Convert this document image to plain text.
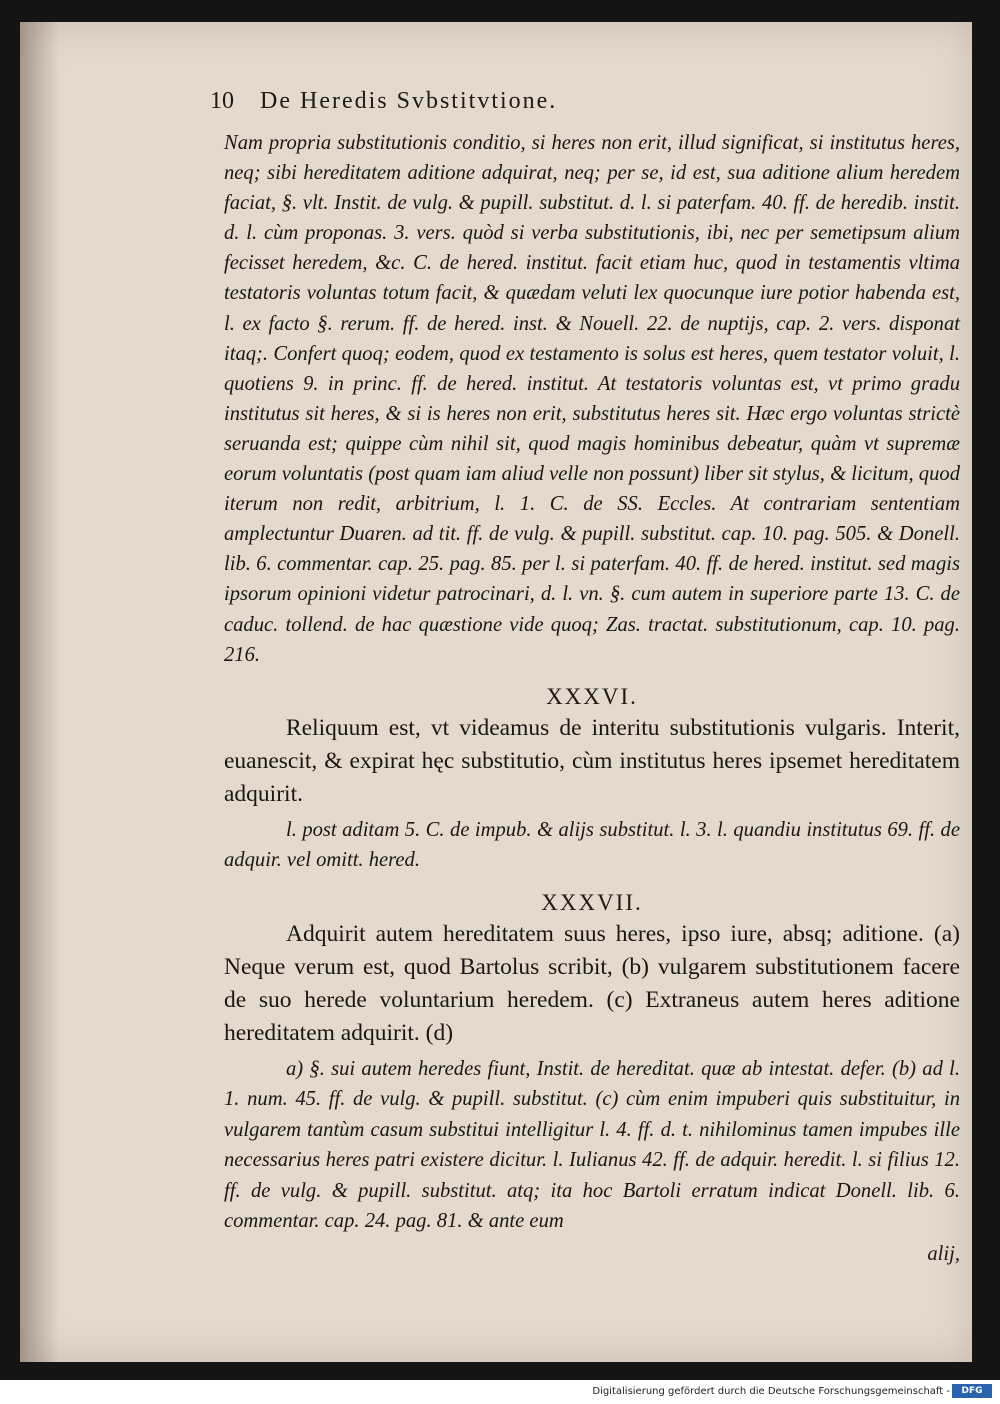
10 De Heredis Svbstitvtione.

Nam propria substitutionis conditio, si heres non erit, illud significat, si institutus heres, neq; sibi hereditatem aditione adquirat, neq; per se, id est, sua aditione alium heredem faciat, §. vlt. Instit. de vulg. & pupill. substitut. d. l. si paterfam. 40. ff. de heredib. instit. d. l. cùm proponas. 3. vers. quòd si verba substitutionis, ibi, nec per semetipsum alium fecisset heredem, &c. C. de hered. institut. facit etiam huc, quod in testamentis vltima testatoris voluntas totum facit, & quædam veluti lex quocunque iure potior habenda est, l. ex facto §. rerum. ff. de hered. inst. & Nouell. 22. de nuptijs, cap. 2. vers. disponat itaq;. Confert quoq; eodem, quod ex testamento is solus est heres, quem testator voluit, l. quotiens 9. in princ. ff. de hered. institut. At testatoris voluntas est, vt primo gradu institutus sit heres, & si is heres non erit, substitutus heres sit. Hæc ergo voluntas strictè seruanda est; quippe cùm nihil sit, quod magis hominibus debeatur, quàm vt supremæ eorum voluntatis (post quam iam aliud velle non possunt) liber sit stylus, & licitum, quod iterum non redit, arbitrium, l. 1. C. de SS. Eccles. At contrariam sententiam amplectuntur Duaren. ad tit. ff. de vulg. & pupill. substitut. cap. 10. pag. 505. & Donell. lib. 6. commentar. cap. 25. pag. 85. per l. si paterfam. 40. ff. de hered. institut. sed magis ipsorum opinioni videtur patrocinari, d. l. vn. §. cum autem in superiore parte 13. C. de caduc. tollend. de hac quæstione vide quoq; Zas. tractat. substitutionum, cap. 10. pag. 216.

XXXVI.

Reliquum est, vt videamus de interitu substitutionis vulgaris. Interit, euanescit, & expirat hęc substitutio, cùm institutus heres ipsemet hereditatem adquirit.

l. post aditam 5. C. de impub. & alijs substitut. l. 3. l. quandiu institutus 69. ff. de adquir. vel omitt. hered.

XXXVII.

Adquirit autem hereditatem suus heres, ipso iure, absq; aditione. (a) Neque verum est, quod Bartolus scribit, (b) vulgarem substitutionem facere de suo herede voluntarium heredem. (c) Extraneus autem heres aditione hereditatem adquirit. (d)

a) §. sui autem heredes fiunt, Instit. de hereditat. quæ ab intestat. defer. (b) ad l. 1. num. 45. ff. de vulg. & pupill. substitut. (c) cùm enim impuberi quis substituitur, in vulgarem tantùm casum substitui intelligitur l. 4. ff. d. t. nihilominus tamen impubes ille necessarius heres patri existere dicitur. l. Iulianus 42. ff. de adquir. heredit. l. si filius 12. ff. de vulg. & pupill. substitut. atq; ita hoc Bartoli erratum indicat Donell. lib. 6. commentar. cap. 24. pag. 81. & ante eum

alij,

Digitalisierung gefördert durch die Deutsche Forschungsgemeinschaft -	DFG
